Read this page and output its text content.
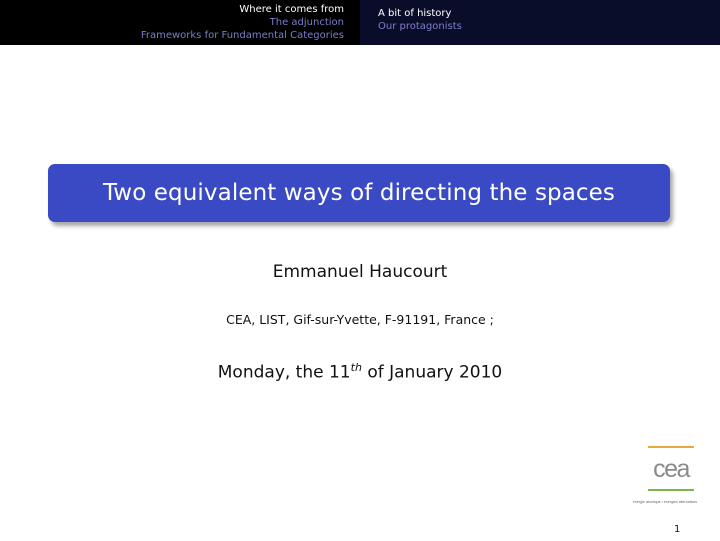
Where it comes from
The adjunction
Frameworks for Fundamental Categories
A bit of history
Our protagonists
Two equivalent ways of directing the spaces
Emmanuel Haucourt
CEA, LIST, Gif-sur-Yvette, F-91191, France ;
Monday, the 11th of January 2010
cea
énergie atomique • énergies alternatives
1
